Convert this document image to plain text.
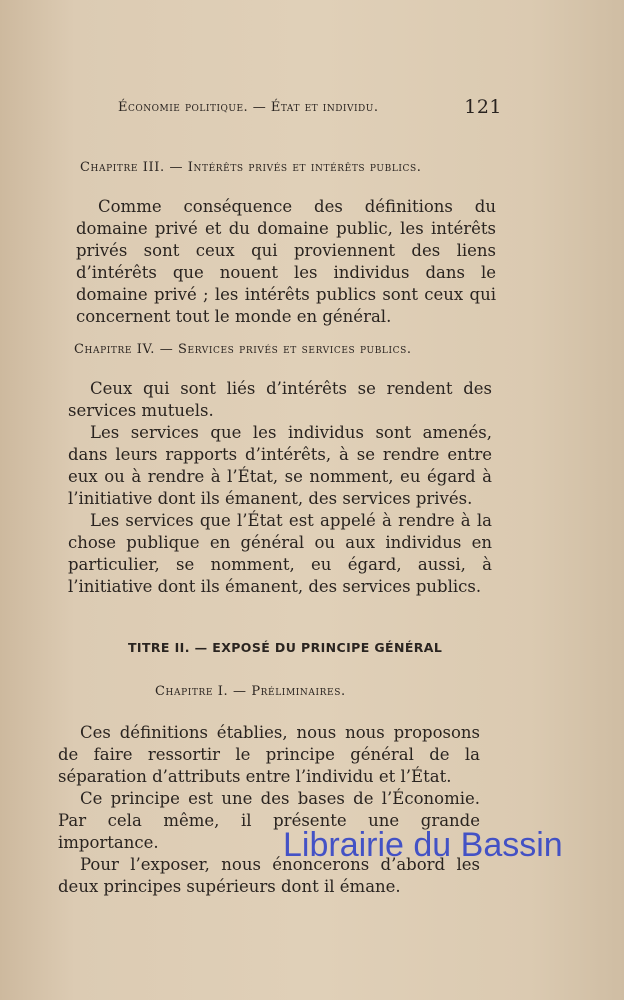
Économie politique. — État et individu.	121
Chapitre III. — Intérêts privés et intérêts publics.

Comme conséquence des définitions du domaine privé et du domaine public, les intérêts privés sont ceux qui proviennent des liens d’intérêts que nouent les individus dans le domaine privé ; les intérêts publics sont ceux qui concernent tout le monde en général.

Chapitre IV. — Services privés et services publics.

Ceux qui sont liés d’intérêts se rendent des services mutuels.

Les services que les individus sont amenés, dans leurs rapports d’intérêts, à se rendre entre eux ou à rendre à l’État, se nomment, eu égard à l’initiative dont ils émanent, des services privés.

Les services que l’État est appelé à rendre à la chose publique en général ou aux individus en particulier, se nomment, eu égard, aussi, à l’initiative dont ils émanent, des services publics.

TITRE II. — EXPOSÉ DU PRINCIPE GÉNÉRAL
Chapitre I. — Préliminaires.

Ces définitions établies, nous nous proposons de faire ressortir le principe général de la séparation d’attributs entre l’individu et l’État.

Ce principe est une des bases de l’Économie. Par cela même, il présente une grande importance.

Pour l’exposer, nous énoncerons d’abord les deux principes supérieurs dont il émane.

Librairie du Bassin
